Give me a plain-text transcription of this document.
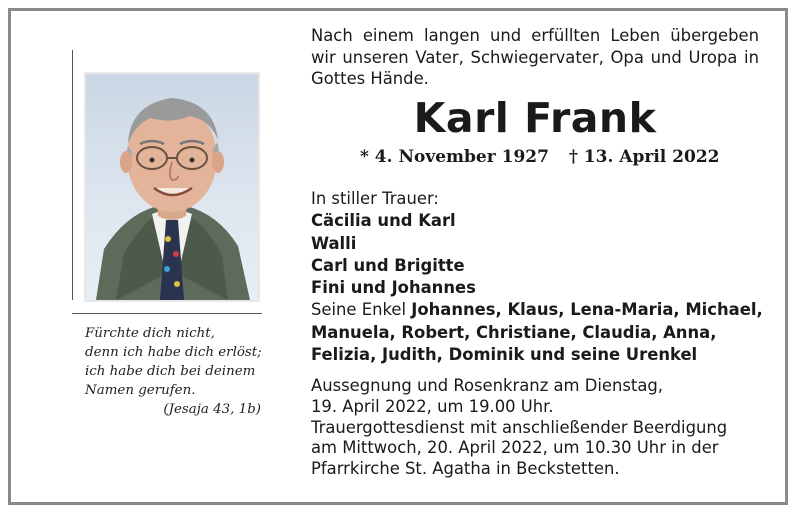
Fürchte dich nicht,
denn ich habe dich erlöst;
ich habe dich bei deinem
Namen gerufen.
(Jesaja 43, 1b)
Nach einem langen und erfüllten Leben übergeben wir unseren Vater, Schwiegervater, Opa und Uropa in Gottes Hände.
Karl Frank
* 4. November 1927 † 13. April 2022
In stiller Trauer:
Cäcilia und Karl
Walli
Carl und Brigitte
Fini und Johannes
Seine Enkel Johannes, Klaus, Lena-Maria, Michael,
Manuela, Robert, Christiane, Claudia, Anna,
Felizia, Judith, Dominik und seine Urenkel
Aussegnung und Rosenkranz am Dienstag,
19. April 2022, um 19.00 Uhr.
Trauergottesdienst mit anschließender Beerdigung
am Mittwoch, 20. April 2022, um 10.30 Uhr in der
Pfarrkirche St. Agatha in Beckstetten.
